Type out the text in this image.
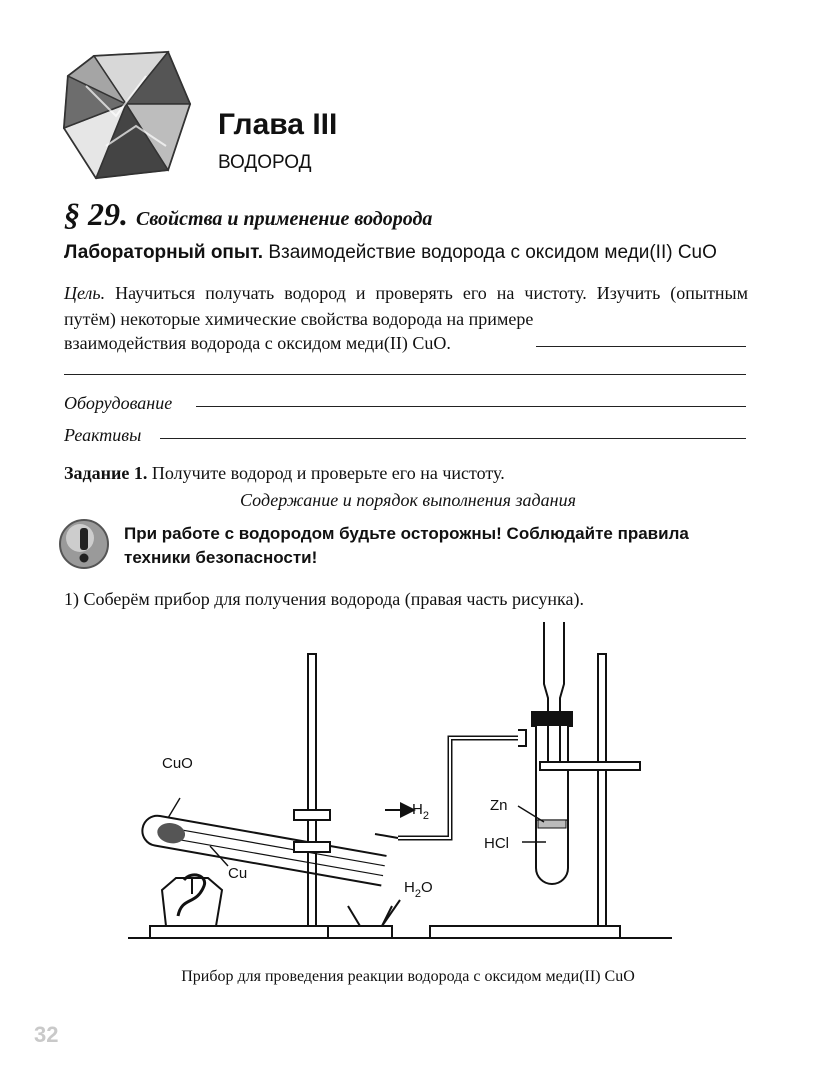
Глава III
ВОДОРОД
§ 29. Свойства и применение водорода
Лабораторный опыт. Взаимодействие водорода с оксидом меди(II) CuO
Цель. Научиться получать водород и проверять его на чистоту. Изучить (опытным путём) некоторые химические свойства водорода на примере
взаимодействия водорода с оксидом меди(II) CuO.
Оборудование
Реактивы
Задание 1. Получите водород и проверьте его на чистоту.
Содержание и порядок выполнения задания
При работе с водородом будьте осторожны! Соблюдайте правила техники безопасности!
1) Соберём прибор для получения водорода (правая часть рисунка).
CuO
Cu
$H_2$
$H_2O$
Zn
HCl
Прибор для проведения реакции водорода с оксидом меди(II) CuO
32
